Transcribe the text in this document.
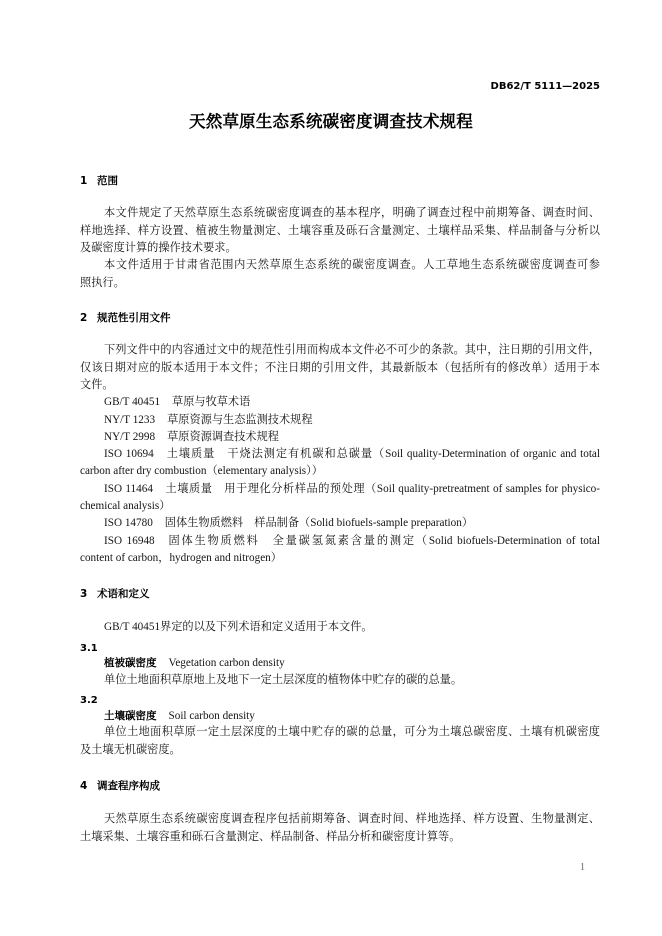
DB62/T 5111—2025
天然草原生态系统碳密度调查技术规程
1 范围
本文件规定了天然草原生态系统碳密度调查的基本程序，明确了调查过程中前期筹备、调查时间、
样地选择、样方设置、植被生物量测定、土壤容重及砾石含量测定、土壤样品采集、样品制备与分析以
及碳密度计算的操作技术要求。
本文件适用于甘肃省范围内天然草原生态系统的碳密度调查。人工草地生态系统碳密度调查可参
照执行。
2 规范性引用文件
下列文件中的内容通过文中的规范性引用而构成本文件必不可少的条款。其中，注日期的引用文件，
仅该日期对应的版本适用于本文件；不注日期的引用文件，其最新版本（包括所有的修改单）适用于本
文件。
GB/T 40451 草原与牧草术语
NY/T 1233 草原资源与生态监测技术规程
NY/T 2998 草原资源调查技术规程
ISO 10694 土壤质量　干烧法测定有机碳和总碳量（Soil quality-Determination of organic and total
carbon after dry combustion（elementary analysis））
ISO 11464 土壤质量　用于理化分析样品的预处理（Soil quality-pretreatment of samples for physico-
chemical analysis）
ISO 14780 固体生物质燃料　样品制备（Solid biofuels-sample preparation）
ISO 16948 固体生物质燃料　全量碳氢氮素含量的测定（Solid biofuels-Determination of total
content of carbon，hydrogen and nitrogen）
3 术语和定义
GB/T 40451界定的以及下列术语和定义适用于本文件。
3.1
植被碳密度 Vegetation carbon density
单位土地面积草原地上及地下一定土层深度的植物体中贮存的碳的总量。
3.2
土壤碳密度 Soil carbon density
单位土地面积草原一定土层深度的土壤中贮存的碳的总量，可分为土壤总碳密度、土壤有机碳密度
及土壤无机碳密度。
4 调查程序构成
天然草原生态系统碳密度调查程序包括前期筹备、调查时间、样地选择、样方设置、生物量测定、
土壤采集、土壤容重和砾石含量测定、样品制备、样品分析和碳密度计算等。
1
